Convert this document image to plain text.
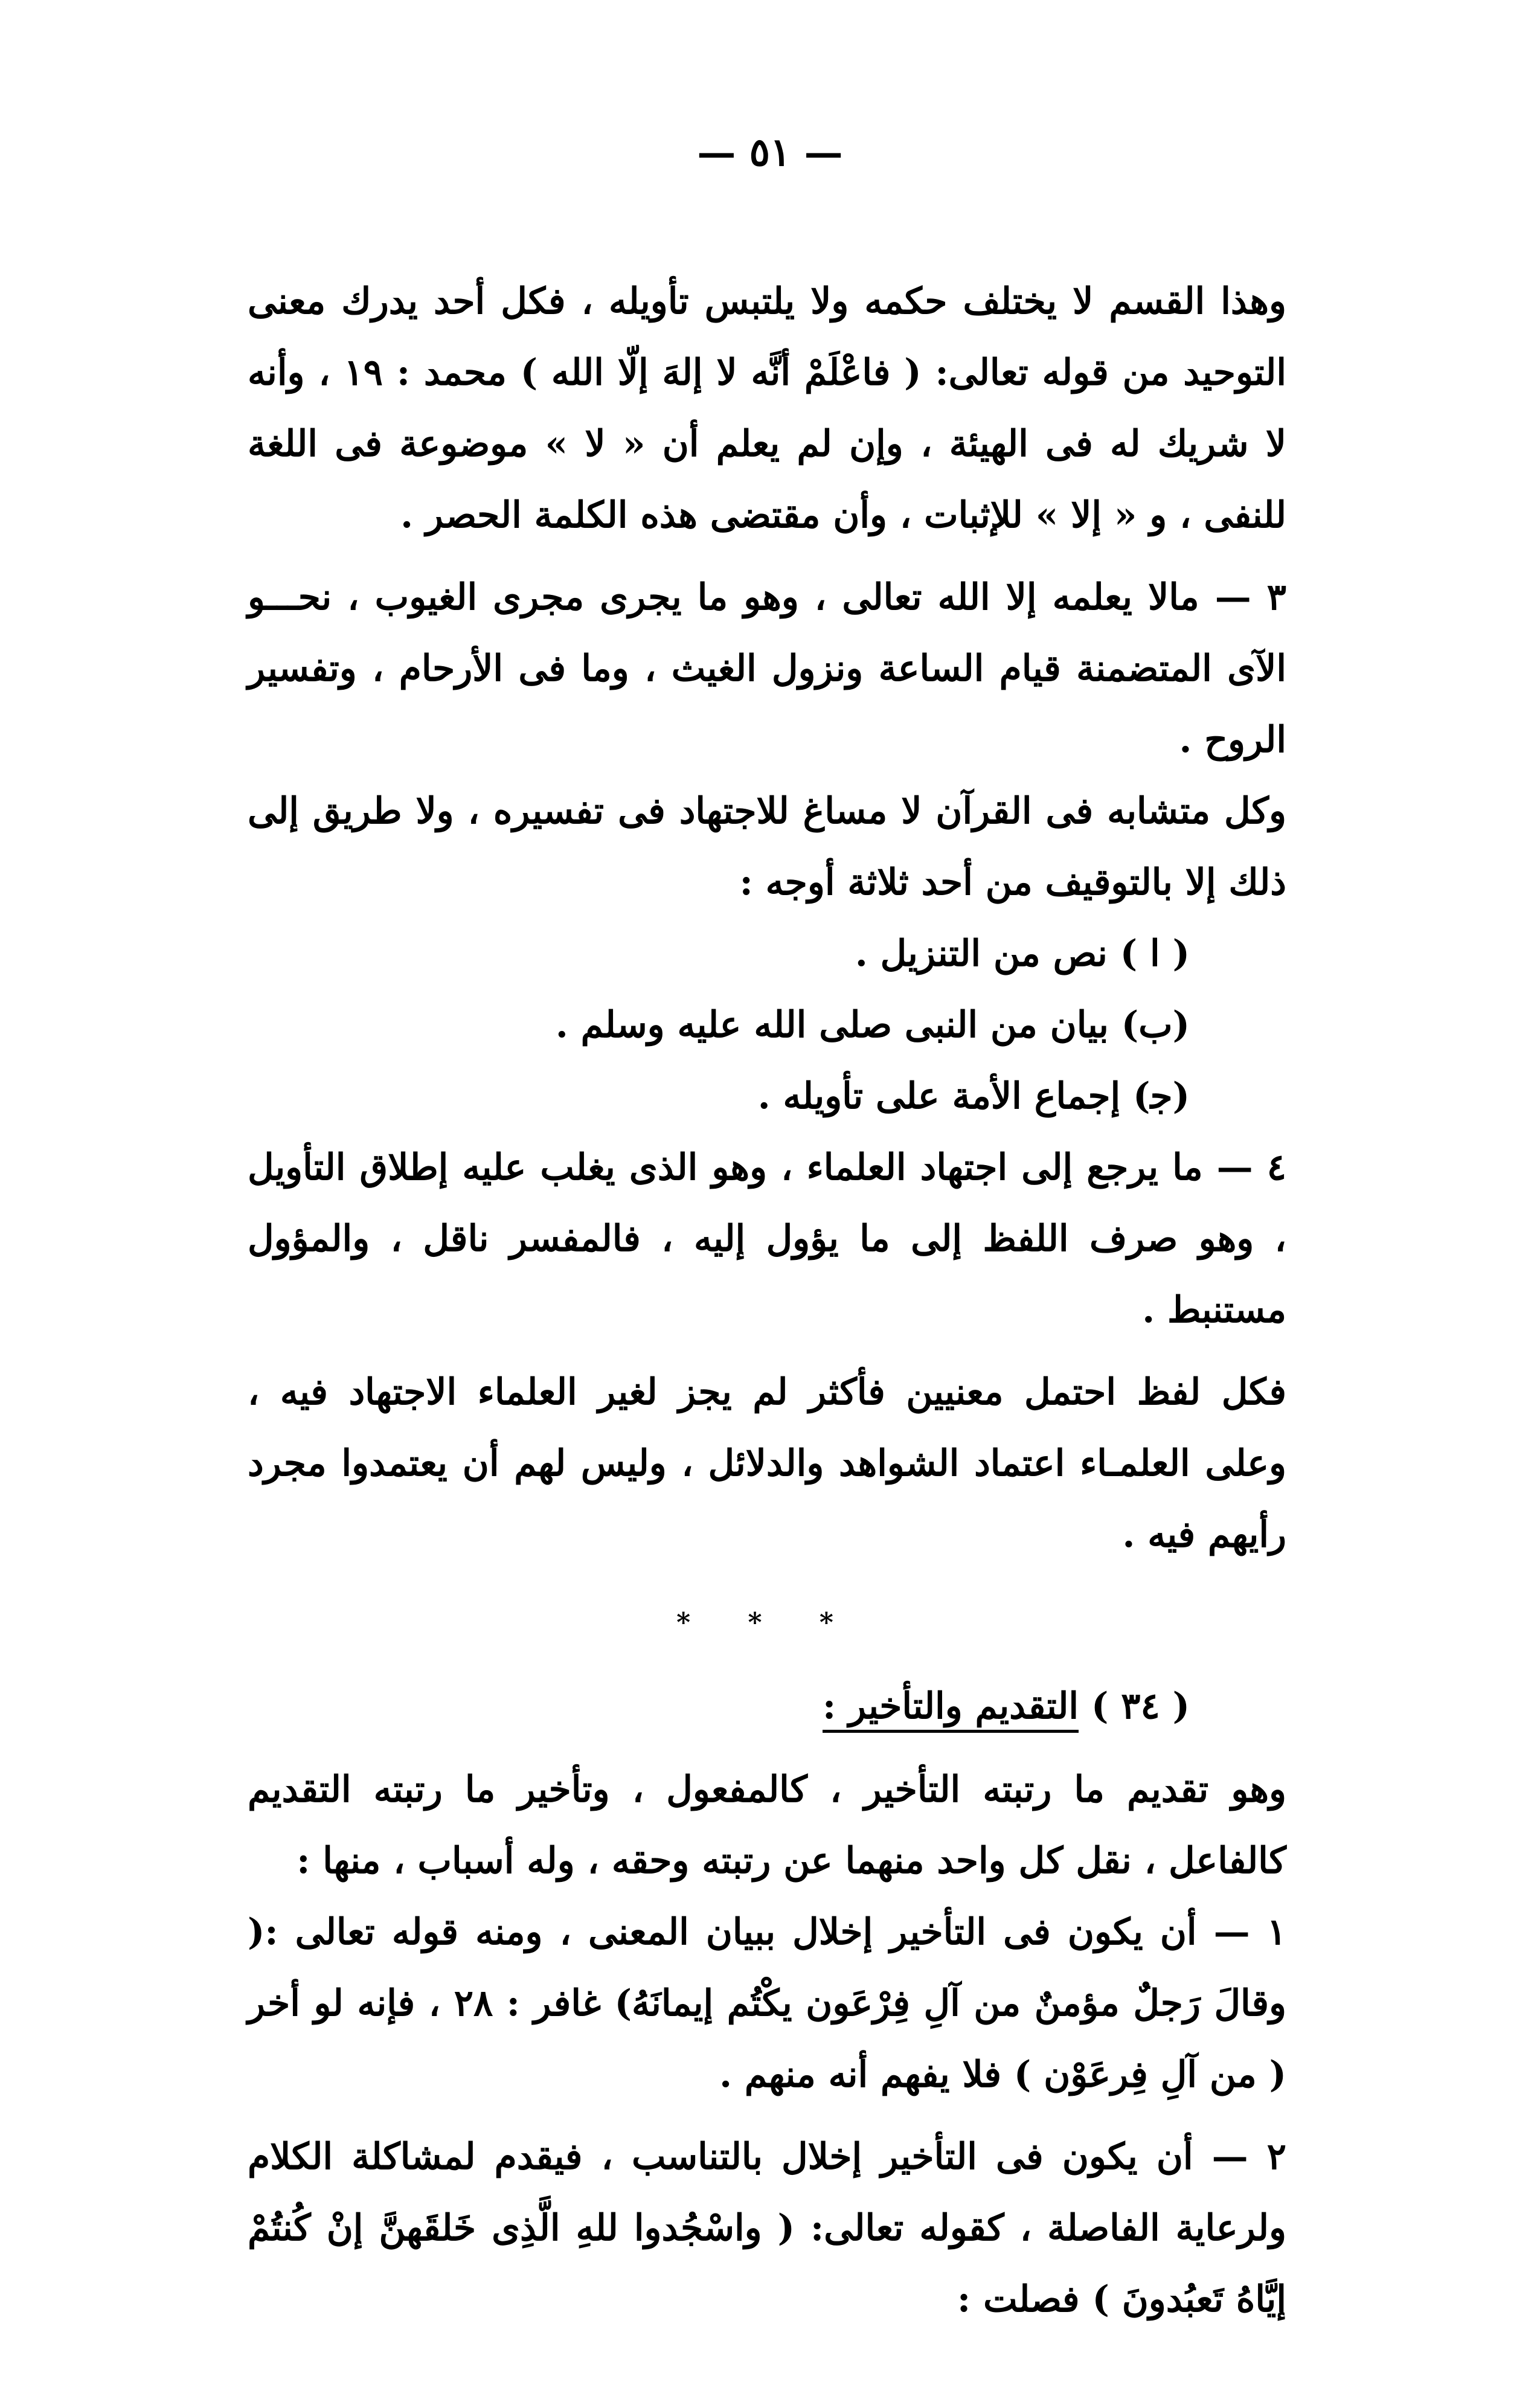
— ٥١ —

وهذا القسم لا يختلف حكمه ولا يلتبس تأويله ، فكل أحد يدرك معنى التوحيد من قوله تعالى: ( فاعْلَمْ أنَّه لا إلهَ إلّا الله ) محمد : ١٩ ، وأنه لا شريك له فى الهيئة ، وإن لم يعلم أن « لا » موضوعة فى اللغة للنفى ، و « إلا » للإثبات ، وأن مقتضى هذه الكلمة الحصر .

٣ — مالا يعلمه إلا الله تعالى ، وهو ما يجرى مجرى الغيوب ، نحـــو الآى المتضمنة قيام الساعة ونزول الغيث ، وما فى الأرحام ، وتفسير الروح .

وكل متشابه فى القرآن لا مساغ للاجتهاد فى تفسيره ، ولا طريق إلى ذلك إلا بالتوقيف من أحد ثلاثة أوجه :

( ا ) نص من التنزيل .

(ب) بيان من النبى صلى الله عليه وسلم .

(ﺟ) إجماع الأمة على تأويله .

٤ — ما يرجع إلى اجتهاد العلماء ، وهو الذى يغلب عليه إطلاق التأويل ، وهو صرف اللفظ إلى ما يؤول إليه ، فالمفسر ناقل ، والمؤول مستنبط .

فكل لفظ احتمل معنيين فأكثر لم يجز لغير العلماء الاجتهاد فيه ، وعلى العلمـاء اعتماد الشواهد والدلائل ، وليس لهم أن يعتمدوا مجرد رأيهم فيه .

* * *
( ٣٤ ) التقديم والتأخير :

وهو تقديم ما رتبته التأخير ، كالمفعول ، وتأخير ما رتبته التقديم كالفاعل ، نقل كل واحد منهما عن رتبته وحقه ، وله أسباب ، منها :

١ — أن يكون فى التأخير إخلال ببيان المعنى ، ومنه قوله تعالى :( وقالَ رَجلٌ مؤمنٌ من آلِ فِرْعَون يكْتُم إيمانَهُ) غافر : ٢٨ ، فإنه لو أخر ( من آلِ فِرعَوْن ) فلا يفهم أنه منهم .

٢ — أن يكون فى التأخير إخلال بالتناسب ، فيقدم لمشاكلة الكلام ولرعاية الفاصلة ، كقوله تعالى: ( واسْجُدوا للهِ الَّذِى خَلقَهنَّ إنْ كُنتُمْ إيَّاهُ تَعبُدونَ ) فصلت :
